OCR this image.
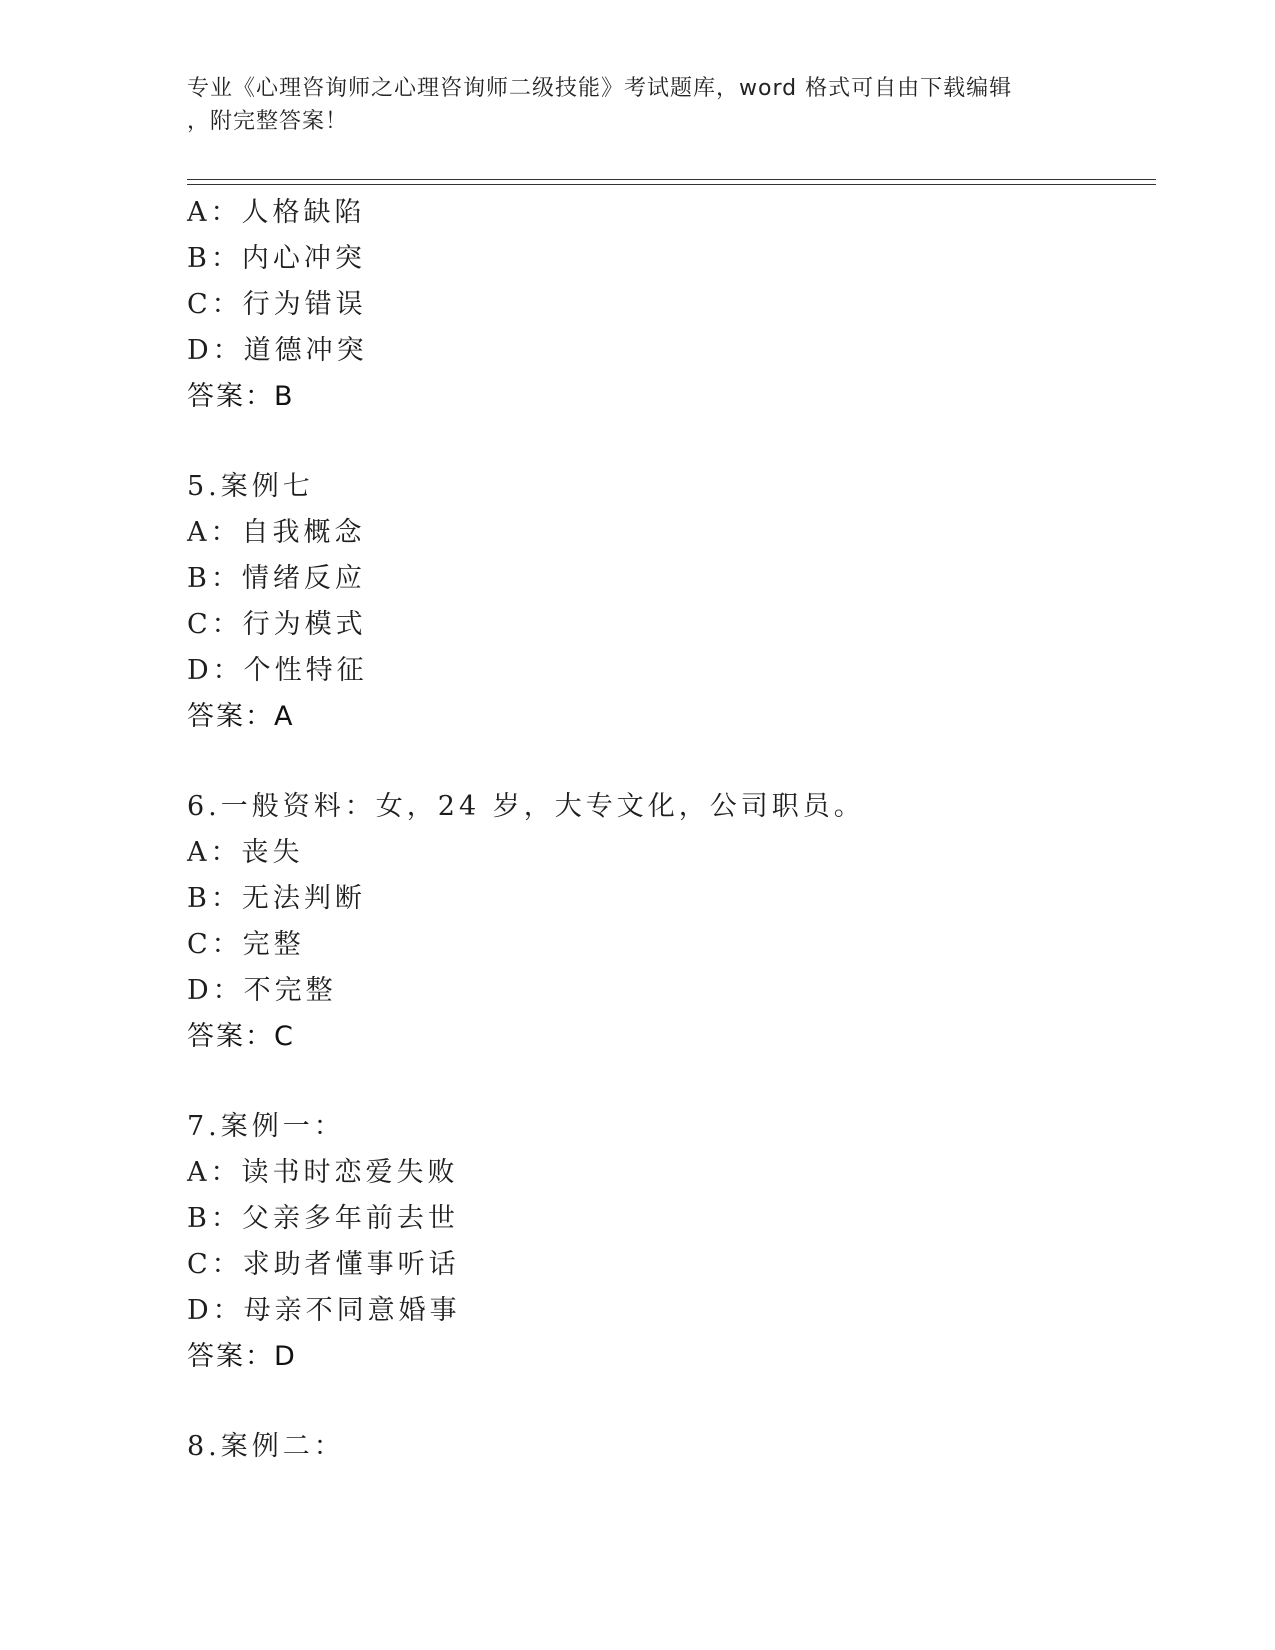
专业《心理咨询师之心理咨询师二级技能》考试题库，word 格式可自由下载编辑
，附完整答案！
A：人格缺陷
B：内心冲突
C：行为错误
D：道德冲突
答案：B
5.案例七
A：自我概念
B：情绪反应
C：行为模式
D：个性特征
答案：A
6.一般资料：女，24 岁，大专文化，公司职员。
A：丧失
B：无法判断
C：完整
D：不完整
答案：C
7.案例一：
A：读书时恋爱失败
B：父亲多年前去世
C：求助者懂事听话
D：母亲不同意婚事
答案：D
8.案例二：
